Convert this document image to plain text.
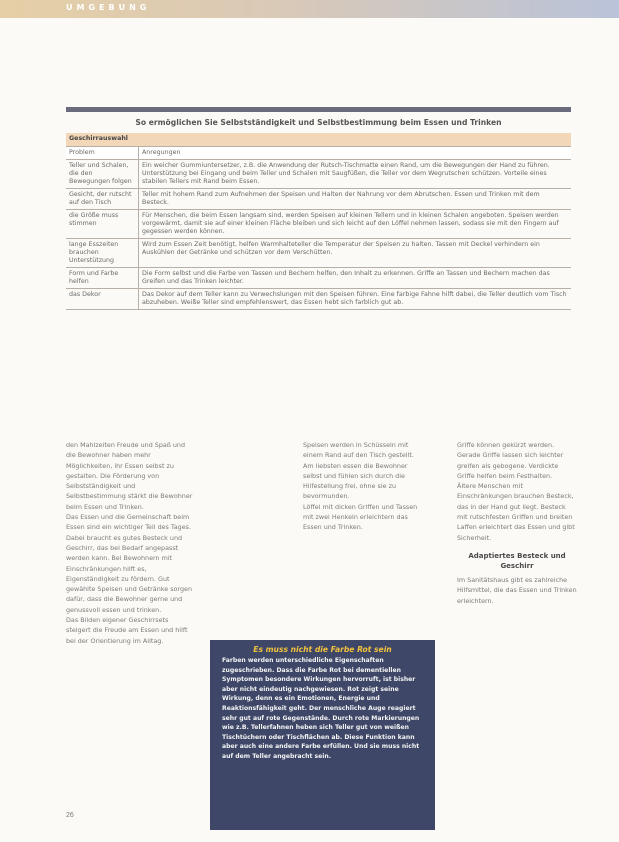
UMGEBUNG
So ermöglichen Sie Selbstständigkeit und Selbstbestimmung beim Essen und Trinken
Geschirrauswahl	
Problem	Anregungen
Teller und Schalen, die den Bewegungen folgen	Ein weicher Gummiuntersetzer, z.B. die Anwendung der Rutsch-Tischmatte einen Rand, um die Bewegungen der Hand zu führen. Unterstützung bei Eingang und beim Teller und Schalen mit Saugfüßen, die Teller vor dem Wegrutschen schützen. Vorteile eines stabilen Tellers mit Rand beim Essen.
Gesicht, der rutscht auf den Tisch	Teller mit hohem Rand zum Aufnehmen der Speisen und Halten der Nahrung vor dem Abrutschen. Essen und Trinken mit dem Besteck.
die Größe muss stimmen	Für Menschen, die beim Essen langsam sind, werden Speisen auf kleinen Tellern und in kleinen Schalen angeboten. Speisen werden vorgewärmt, damit sie auf einer kleinen Fläche bleiben und sich leicht auf den Löffel nehmen lassen, sodass sie mit den Fingern auf gegessen werden können.
lange Esszeiten brauchen Unterstützung	Wird zum Essen Zeit benötigt, helfen Warmhalteteller die Temperatur der Speisen zu halten. Tassen mit Deckel verhindern ein Auskühlen der Getränke und schützen vor dem Verschütten.
Form und Farbe helfen	Die Form selbst und die Farbe von Tassen und Bechern helfen, den Inhalt zu erkennen. Griffe an Tassen und Bechern machen das Greifen und das Trinken leichter.
das Dekor	Das Dekor auf dem Teller kann zu Verwechslungen mit den Speisen führen. Eine farbige Fahne hilft dabei, die Teller deutlich vom Tisch abzuheben. Weiße Teller sind empfehlenswert, das Essen hebt sich farblich gut ab.

den Mahlzeiten Freude und Spaß und die Bewohner haben mehr Möglichkeiten, ihr Essen selbst zu gestalten. Die Förderung von Selbstständigkeit und Selbstbestimmung stärkt die Bewohner beim Essen und Trinken.

Das Essen und die Gemeinschaft beim Essen sind ein wichtiger Teil des Tages. Dabei braucht es gutes Besteck und Geschirr, das bei Bedarf angepasst werden kann. Bei Bewohnern mit Einschränkungen hilft es, Eigenständigkeit zu fördern. Gut gewählte Speisen und Getränke sorgen dafür, dass die Bewohner gerne und genussvoll essen und trinken.

Das Bilden eigener Geschirrsets steigert die Freude am Essen und hilft bei der Orientierung im Alltag.

Speisen werden in Schüsseln mit einem Rand auf den Tisch gestellt. Am liebsten essen die Bewohner selbst und fühlen sich durch die Hilfestellung frei, ohne sie zu bevormunden.

Löffel mit dicken Griffen und Tassen mit zwei Henkeln erleichtern das Essen und Trinken.

Griffe können gekürzt werden.

Gerade Griffe lassen sich leichter greifen als gebogene. Verdickte Griffe helfen beim Festhalten.

Ältere Menschen mit Einschränkungen brauchen Besteck, das in der Hand gut liegt. Besteck mit rutschfesten Griffen und breiten Laffen erleichtert das Essen und gibt Sicherheit.

Adaptiertes Besteck und Geschirr

Im Sanitätshaus gibt es zahlreiche Hilfsmittel, die das Essen und Trinken erleichtern.

Es muss nicht die Farbe Rot sein
Farben werden unterschiedliche Eigenschaften zugeschrieben. Dass die Farbe Rot bei dementiellen Symptomen besondere Wirkungen hervorruft, ist bisher aber nicht eindeutig nachgewiesen. Rot zeigt seine Wirkung, denn es ein Emotionen, Energie und Reaktionsfähigkeit geht. Der menschliche Auge reagiert sehr gut auf rote Gegenstände. Durch rote Markierungen wie z.B. Tellerfahnen heben sich Teller gut von weißen Tischtüchern oder Tischflächen ab. Diese Funktion kann aber auch eine andere Farbe erfüllen. Und sie muss nicht auf dem Teller angebracht sein.
26
